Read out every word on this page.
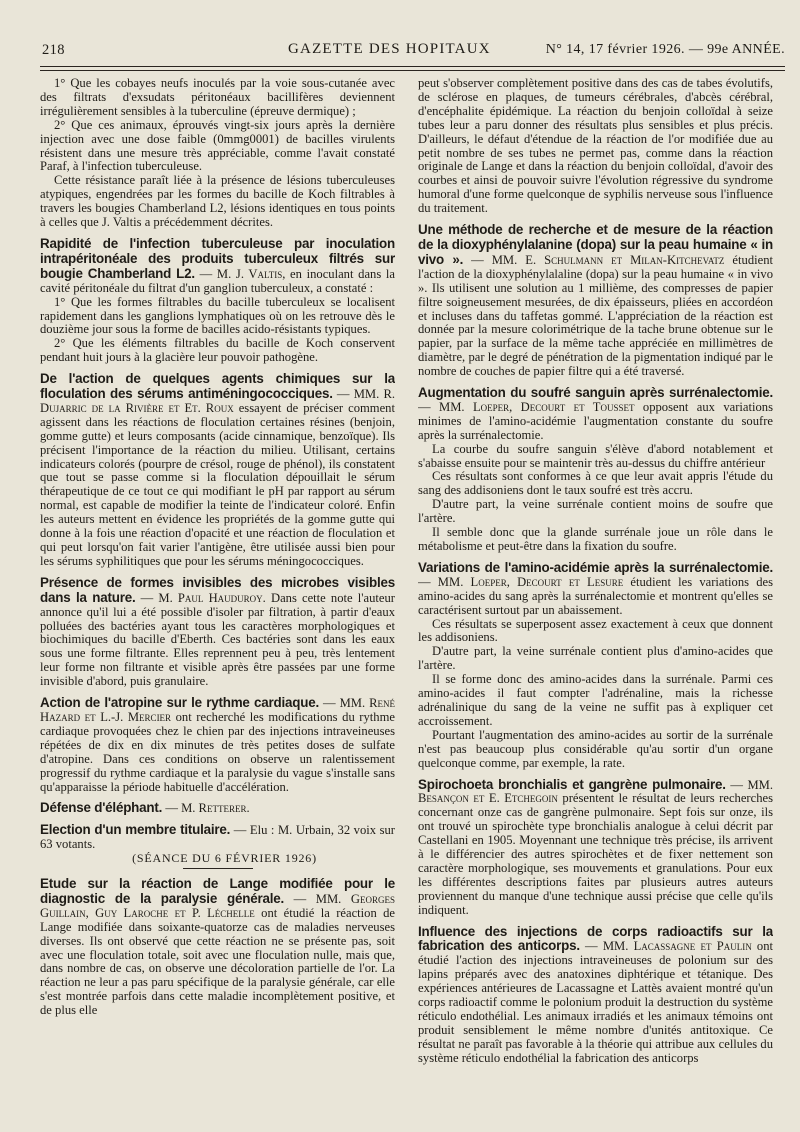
218	GAZETTE DES HOPITAUX	N° 14, 17 février 1926. — 99e ANNÉE.

1° Que les cobayes neufs inoculés par la voie sous-cutanée avec des filtrats d'exsudats péritonéaux bacillifères deviennent irrégulièrement sensibles à la tuberculine (épreuve dermique) ;

2° Que ces animaux, éprouvés vingt-six jours après la dernière injection avec une dose faible (0mmg0001) de bacilles virulents résistent dans une mesure très appréciable, comme l'avait constaté Paraf, à l'infection tuberculeuse.

Cette résistance paraît liée à la présence de lésions tuberculeuses atypiques, engendrées par les formes du bacille de Koch filtrables à travers les bougies Chamberland L2, lésions identiques en tous points à celles que J. Valtis a précédemment décrites.

Rapidité de l'infection tuberculeuse par inoculation intrapéritonéale des produits tuberculeux filtrés sur bougie Chamberland L2. — M. J. Valtis, en inoculant dans la cavité péritonéale du filtrat d'un ganglion tuberculeux, a constaté :

1° Que les formes filtrables du bacille tuberculeux se localisent rapidement dans les ganglions lymphatiques où on les retrouve dès le douzième jour sous la forme de bacilles acido-résistants typiques.

2° Que les éléments filtrables du bacille de Koch conservent pendant huit jours à la glacière leur pouvoir pathogène.

De l'action de quelques agents chimiques sur la floculation des sérums antiméningococciques. — MM. R. Dujarric de la Rivière et Et. Roux essayent de préciser comment agissent dans les réactions de floculation certaines résines (benjoin, gomme gutte) et leurs composants (acide cinnamique, benzoïque). Ils précisent l'importance de la réaction du milieu. Utilisant, certains indicateurs colorés (pourpre de crésol, rouge de phénol), ils constatent que tout se passe comme si la floculation dépouillait le sérum thérapeutique de ce tout ce qui modifiant le pH par rapport au sérum normal, est capable de modifier la teinte de l'indicateur coloré. Enfin les auteurs mettent en évidence les propriétés de la gomme gutte qui donne à la fois une réaction d'opacité et une réaction de floculation et qui peut lorsqu'on fait varier l'antigène, être utilisée aussi bien pour les sérums syphilitiques que pour les sérums méningococciques.

Présence de formes invisibles des microbes visibles dans la nature. — M. Paul Hauduroy. Dans cette note l'auteur annonce qu'il lui a été possible d'isoler par filtration, à partir d'eaux polluées des bactéries ayant tous les caractères morphologiques et biochimiques du bacille d'Eberth. Ces bactéries sont dans les eaux sous une forme filtrante. Elles reprennent peu à peu, très lentement leur forme non filtrante et visible après être passées par une forme invisible d'abord, puis granulaire.

Action de l'atropine sur le rythme cardiaque. — MM. René Hazard et L.-J. Mercier ont recherché les modifications du rythme cardiaque provoquées chez le chien par des injections intraveineuses répétées de dix en dix minutes de très petites doses de sulfate d'atropine. Dans ces conditions on observe un ralentissement progressif du rythme cardiaque et la paralysie du vague s'installe sans qu'apparaisse la période habituelle d'accélération.

Défense d'éléphant. — M. Retterer.

Election d'un membre titulaire. — Elu : M. Urbain, 32 voix sur 63 votants.

(SÉANCE DU 6 FÉVRIER 1926)

Etude sur la réaction de Lange modifiée pour le diagnostic de la paralysie générale. — MM. Georges Guillain, Guy Laroche et P. Léchelle ont étudié la réaction de Lange modifiée dans soixante-quatorze cas de maladies nerveuses diverses. Ils ont observé que cette réaction ne se présente pas, soit avec une floculation totale, soit avec une floculation nulle, mais que, dans nombre de cas, on observe une décoloration partielle de l'or. La réaction ne leur a pas paru spécifique de la paralysie générale, car elle s'est montrée parfois dans cette maladie incomplètement positive, et de plus elle

peut s'observer complètement positive dans des cas de tabes évolutifs, de sclérose en plaques, de tumeurs cérébrales, d'abcès cérébral, d'encéphalite épidémique. La réaction du benjoin colloïdal à seize tubes leur a paru donner des résultats plus sensibles et plus précis. D'ailleurs, le défaut d'étendue de la réaction de l'or modifiée due au petit nombre de ses tubes ne permet pas, comme dans la réaction originale de Lange et dans la réaction du benjoin colloïdal, d'avoir des courbes et ainsi de pouvoir suivre l'évolution régressive du syndrome humoral d'une forme quelconque de syphilis nerveuse sous l'influence du traitement.

Une méthode de recherche et de mesure de la réaction de la dioxyphénylalanine (dopa) sur la peau humaine « in vivo ». — MM. E. Schulmann et Milan-Kitchevatz étudient l'action de la dioxyphénylalaline (dopa) sur la peau humaine « in vivo ». Ils utilisent une solution au 1 millième, des compresses de papier filtre soigneusement mesurées, de dix épaisseurs, pliées en accordéon et incluses dans du taffetas gommé. L'appréciation de la réaction est donnée par la mesure colorimétrique de la tache brune obtenue sur le papier, par la surface de la même tache appréciée en millimètres de diamètre, par le degré de pénétration de la pigmentation indiqué par le nombre de couches de papier filtre qui a été traversé.

Augmentation du soufré sanguin après surrénalectomie. — MM. Loeper, Decourt et Tousset opposent aux variations minimes de l'amino-acidémie l'augmentation constante du soufre après la surrénalectomie.

La courbe du soufre sanguin s'élève d'abord notablement et s'abaisse ensuite pour se maintenir très au-dessus du chiffre antérieur

Ces résultats sont conformes à ce que leur avait appris l'étude du sang des addisoniens dont le taux soufré est très accru.

D'autre part, la veine surrénale contient moins de soufre que l'artère.

Il semble donc que la glande surrénale joue un rôle dans le métabolisme et peut-être dans la fixation du soufre.

Variations de l'amino-acidémie après la surrénalectomie. — MM. Loeper, Decourt et Lesure étudient les variations des amino-acides du sang après la surrénalectomie et montrent qu'elles se caractérisent surtout par un abaissement.

Ces résultats se superposent assez exactement à ceux que donnent les addisoniens.

D'autre part, la veine surrénale contient plus d'amino-acides que l'artère.

Il se forme donc des amino-acides dans la surrénale. Parmi ces amino-acides il faut compter l'adrénaline, mais la richesse adrénalinique du sang de la veine ne suffit pas à expliquer cet accroissement.

Pourtant l'augmentation des amino-acides au sortir de la surrénale n'est pas beaucoup plus considérable qu'au sortir d'un organe quelconque comme, par exemple, la rate.

Spirochoeta bronchialis et gangrène pulmonaire. — MM. Besançon et E. Etchegoin présentent le résultat de leurs recherches concernant onze cas de gangrène pulmonaire. Sept fois sur onze, ils ont trouvé un spirochète type bronchialis analogue à celui décrit par Castellani en 1905. Moyennant une technique très précise, ils arrivent à le différencier des autres spirochètes et de fixer nettement son caractère morphologique, ses mouvements et granulations. Pour eux les différentes descriptions faites par plusieurs autres auteurs proviennent du manque d'une technique aussi précise que celle qu'ils indiquent.

Influence des injections de corps radioactifs sur la fabrication des anticorps. — MM. Lacassagne et Paulin ont étudié l'action des injections intraveineuses de polonium sur des lapins préparés avec des anatoxines diphtérique et tétanique. Des expériences antérieures de Lacassagne et Lattès avaient montré qu'un corps radioactif comme le polonium produit la destruction du système réticulo endothélial. Les animaux irradiés et les animaux témoins ont produit sensiblement le même nombre d'unités antitoxique. Ce résultat ne paraît pas favorable à la théorie qui attribue aux cellules du système réticulo endothélial la fabrication des anticorps
